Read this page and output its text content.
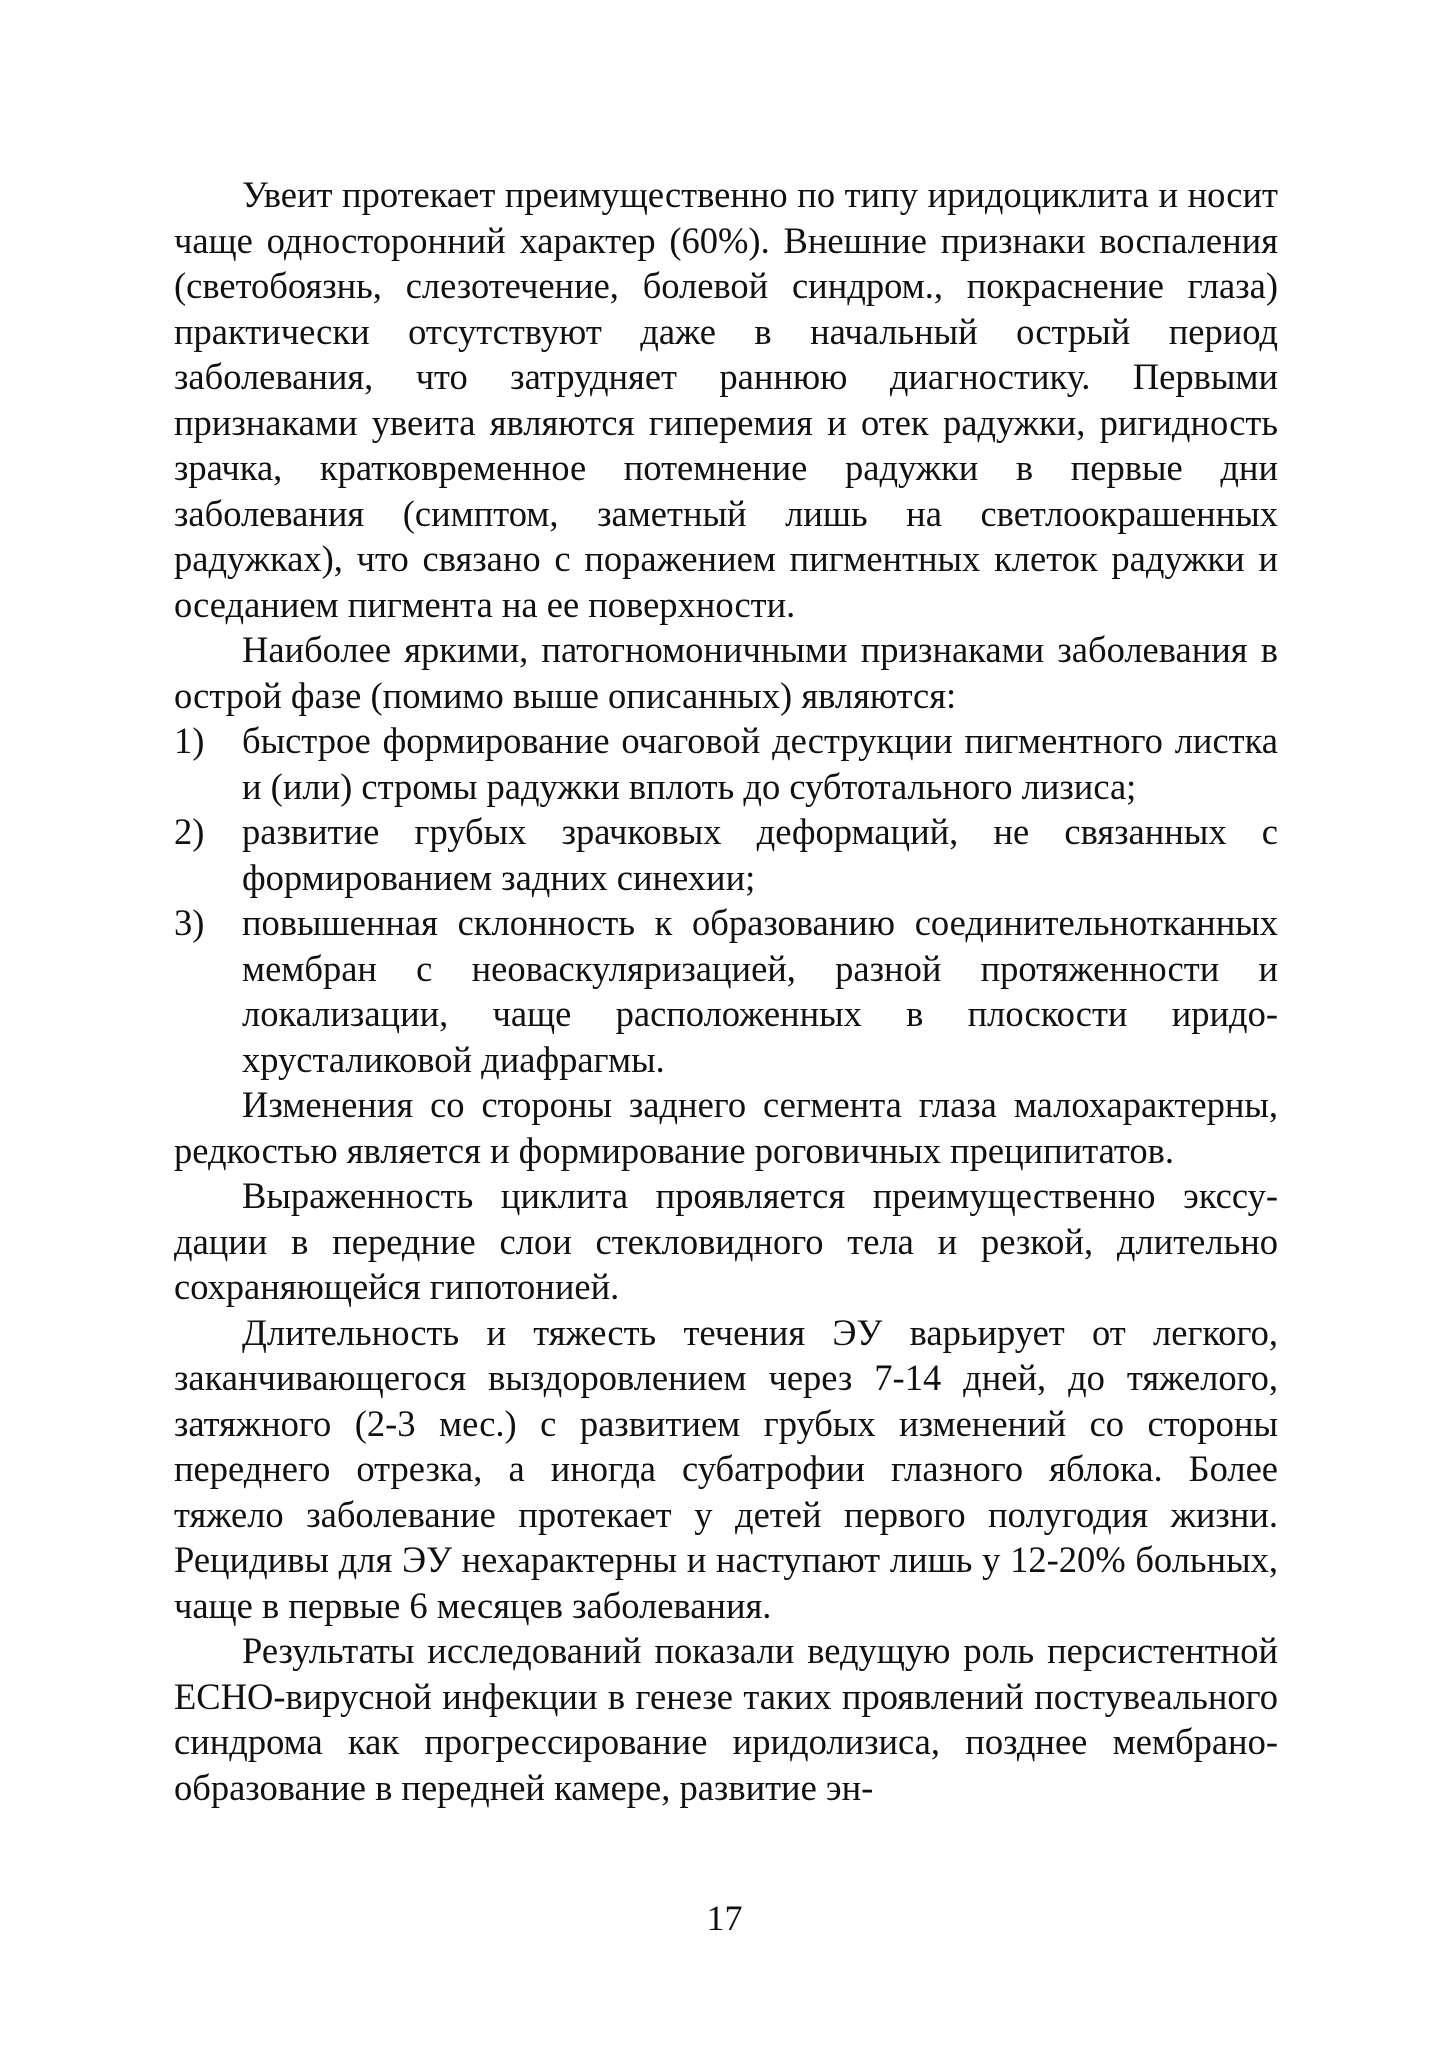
Увеит протекает преимущественно по типу иридоциклита и носит чаще односторонний характер (60%). Внешние признаки воспаления (светобоязнь, слезотечение, болевой синдром., покраснение глаза) практически отсутствуют даже в начальный острый период заболевания, что затрудняет раннюю диагностику. Первыми признаками увеита являются гиперемия и отек радужки, ригидность зрачка, кратковременное потемнение радужки в первые дни заболевания (симптом, заметный лишь на светлоокрашенных радужках), что связано с поражением пигментных клеток радужки и оседанием пигмента на ее поверхности.

Наиболее яркими, патогномоничными признаками заболевания в острой фазе (помимо выше описанных) являются:

1)	быстрое формирование очаговой деструкции пигментного листка и (или) стромы радужки вплоть до субтотального лизиса;
2)	развитие грубых зрачковых деформаций, не связанных с формированием задних синехии;
3)	повышенная склонность к образованию соединительнотканных мембран с неоваскуляризацией, разной протяженности и локализации, чаще расположенных в плоскости иридохрусталиковой диафрагмы.

Изменения со стороны заднего сегмента глаза малохарактерны, редкостью является и формирование роговичных преципитатов.

Выраженность циклита проявляется преимущественно экссудации в передние слои стекловидного тела и резкой, длительно сохраняющейся гипотонией.

Длительность и тяжесть течения ЭУ варьирует от легкого, заканчивающегося выздоровлением через 7-14 дней, до тяжелого, затяжного (2-3 мес.) с развитием грубых изменений со стороны переднего отрезка, а иногда субатрофии глазного яблока. Более тяжело заболевание протекает у детей первого полугодия жизни. Рецидивы для ЭУ нехарактерны и наступают лишь у 12-20% больных, чаще в первые 6 месяцев заболевания.

Результаты исследований показали ведущую роль персистентной ЕСНО-вирусной инфекции в генезе таких проявлений постувеального синдрома как прогрессирование иридолизиса, позднее мембрано-образование в передней камере, развитие эн-

17
